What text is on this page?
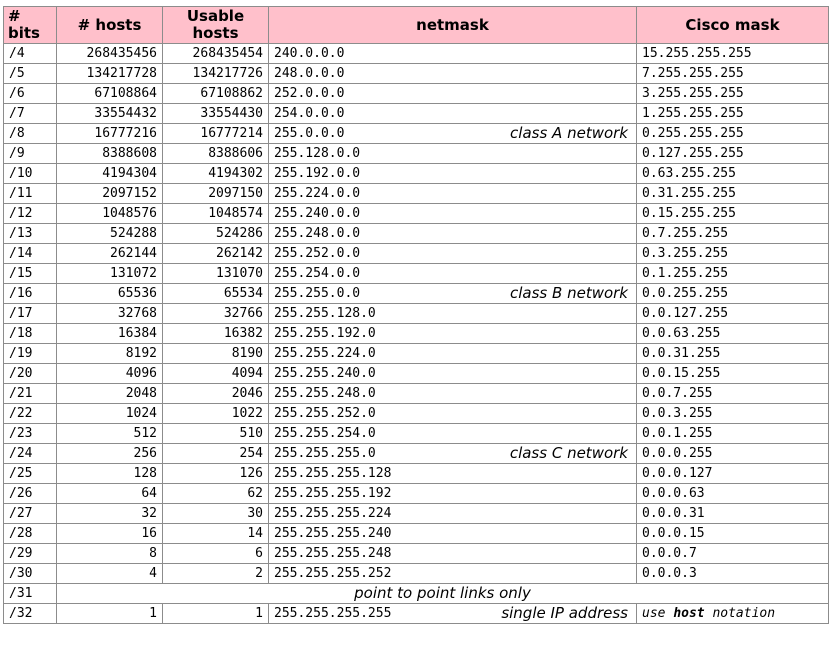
# bits	# hosts	Usable hosts	netmask	Cisco mask
/4	268435456	268435454	240.0.0.0	15.255.255.255
/5	134217728	134217726	248.0.0.0	7.255.255.255
/6	67108864	67108862	252.0.0.0	3.255.255.255
/7	33554432	33554430	254.0.0.0	1.255.255.255
/8	16777216	16777214	255.0.0.0 class A network	0.255.255.255
/9	8388608	8388606	255.128.0.0	0.127.255.255
/10	4194304	4194302	255.192.0.0	0.63.255.255
/11	2097152	2097150	255.224.0.0	0.31.255.255
/12	1048576	1048574	255.240.0.0	0.15.255.255
/13	524288	524286	255.248.0.0	0.7.255.255
/14	262144	262142	255.252.0.0	0.3.255.255
/15	131072	131070	255.254.0.0	0.1.255.255
/16	65536	65534	255.255.0.0 class B network	0.0.255.255
/17	32768	32766	255.255.128.0	0.0.127.255
/18	16384	16382	255.255.192.0	0.0.63.255
/19	8192	8190	255.255.224.0	0.0.31.255
/20	4096	4094	255.255.240.0	0.0.15.255
/21	2048	2046	255.255.248.0	0.0.7.255
/22	1024	1022	255.255.252.0	0.0.3.255
/23	512	510	255.255.254.0	0.0.1.255
/24	256	254	255.255.255.0 class C network	0.0.0.255
/25	128	126	255.255.255.128	0.0.0.127
/26	64	62	255.255.255.192	0.0.0.63
/27	32	30	255.255.255.224	0.0.0.31
/28	16	14	255.255.255.240	0.0.0.15
/29	8	6	255.255.255.248	0.0.0.7
/30	4	2	255.255.255.252	0.0.0.3
/31	point to point links only			
/32	1	1	255.255.255.255 single IP address	use host notation
